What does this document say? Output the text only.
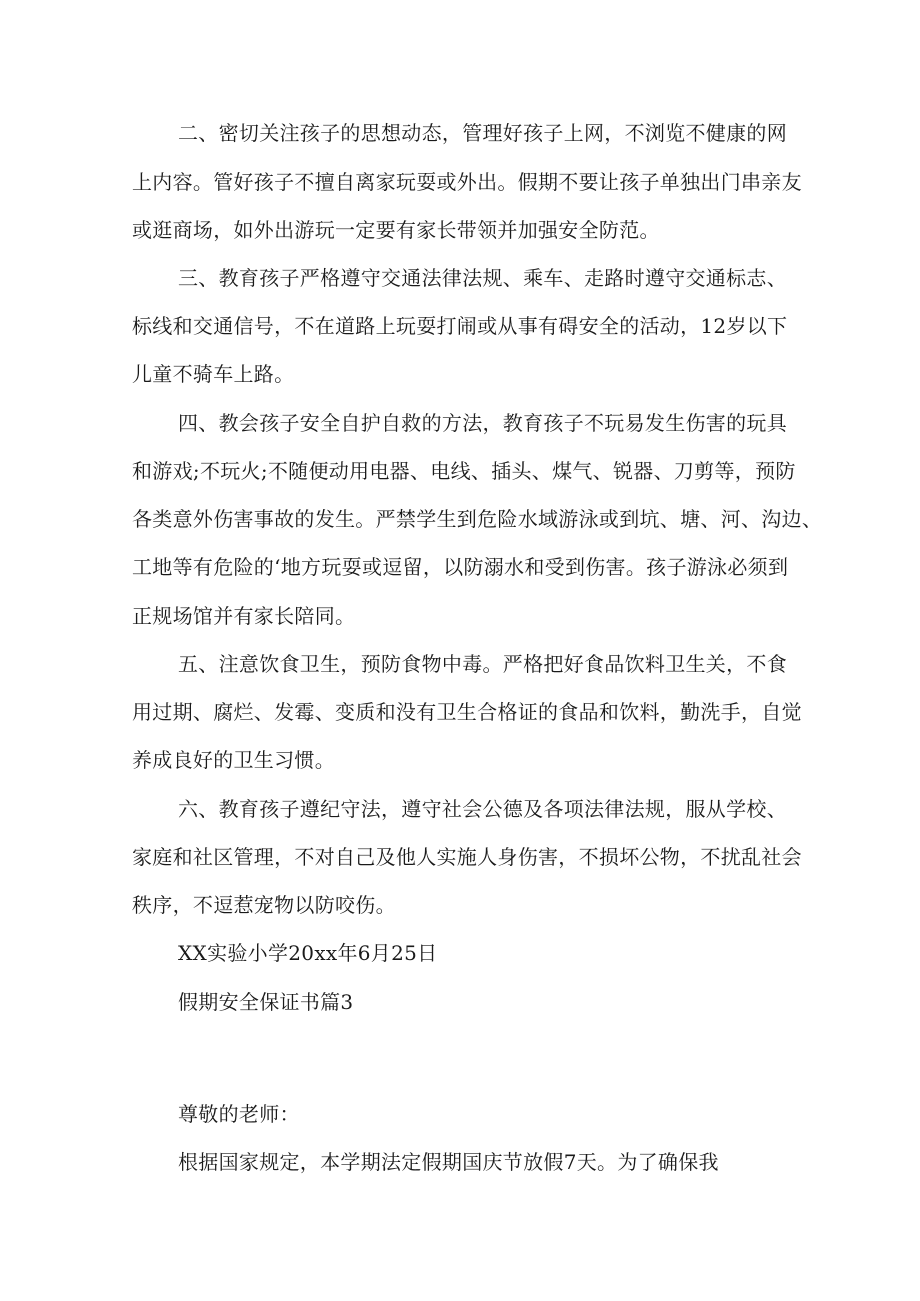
二、密切关注孩子的思想动态，管理好孩子上网，不浏览不健康的网
上内容。管好孩子不擅自离家玩耍或外出。假期不要让孩子单独出门串亲友
或逛商场，如外出游玩一定要有家长带领并加强安全防范。
三、教育孩子严格遵守交通法律法规、乘车、走路时遵守交通标志、
标线和交通信号，不在道路上玩耍打闹或从事有碍安全的活动，12岁以下
儿童不骑车上路。
四、教会孩子安全自护自救的方法，教育孩子不玩易发生伤害的玩具
和游戏;不玩火;不随便动用电器、电线、插头、煤气、锐器、刀剪等，预防
各类意外伤害事故的发生。严禁学生到危险水域游泳或到坑、塘、河、沟边、
工地等有危险的‘地方玩耍或逗留，以防溺水和受到伤害。孩子游泳必须到
正规场馆并有家长陪同。
五、注意饮食卫生，预防食物中毒。严格把好食品饮料卫生关，不食
用过期、腐烂、发霉、变质和没有卫生合格证的食品和饮料，勤洗手，自觉
养成良好的卫生习惯。
六、教育孩子遵纪守法，遵守社会公德及各项法律法规，服从学校、
家庭和社区管理，不对自己及他人实施人身伤害，不损坏公物，不扰乱社会
秩序，不逗惹宠物以防咬伤。
XX实验小学20xx年6月25日
假期安全保证书篇3
尊敬的老师：
根据国家规定，本学期法定假期国庆节放假7天。为了确保我
